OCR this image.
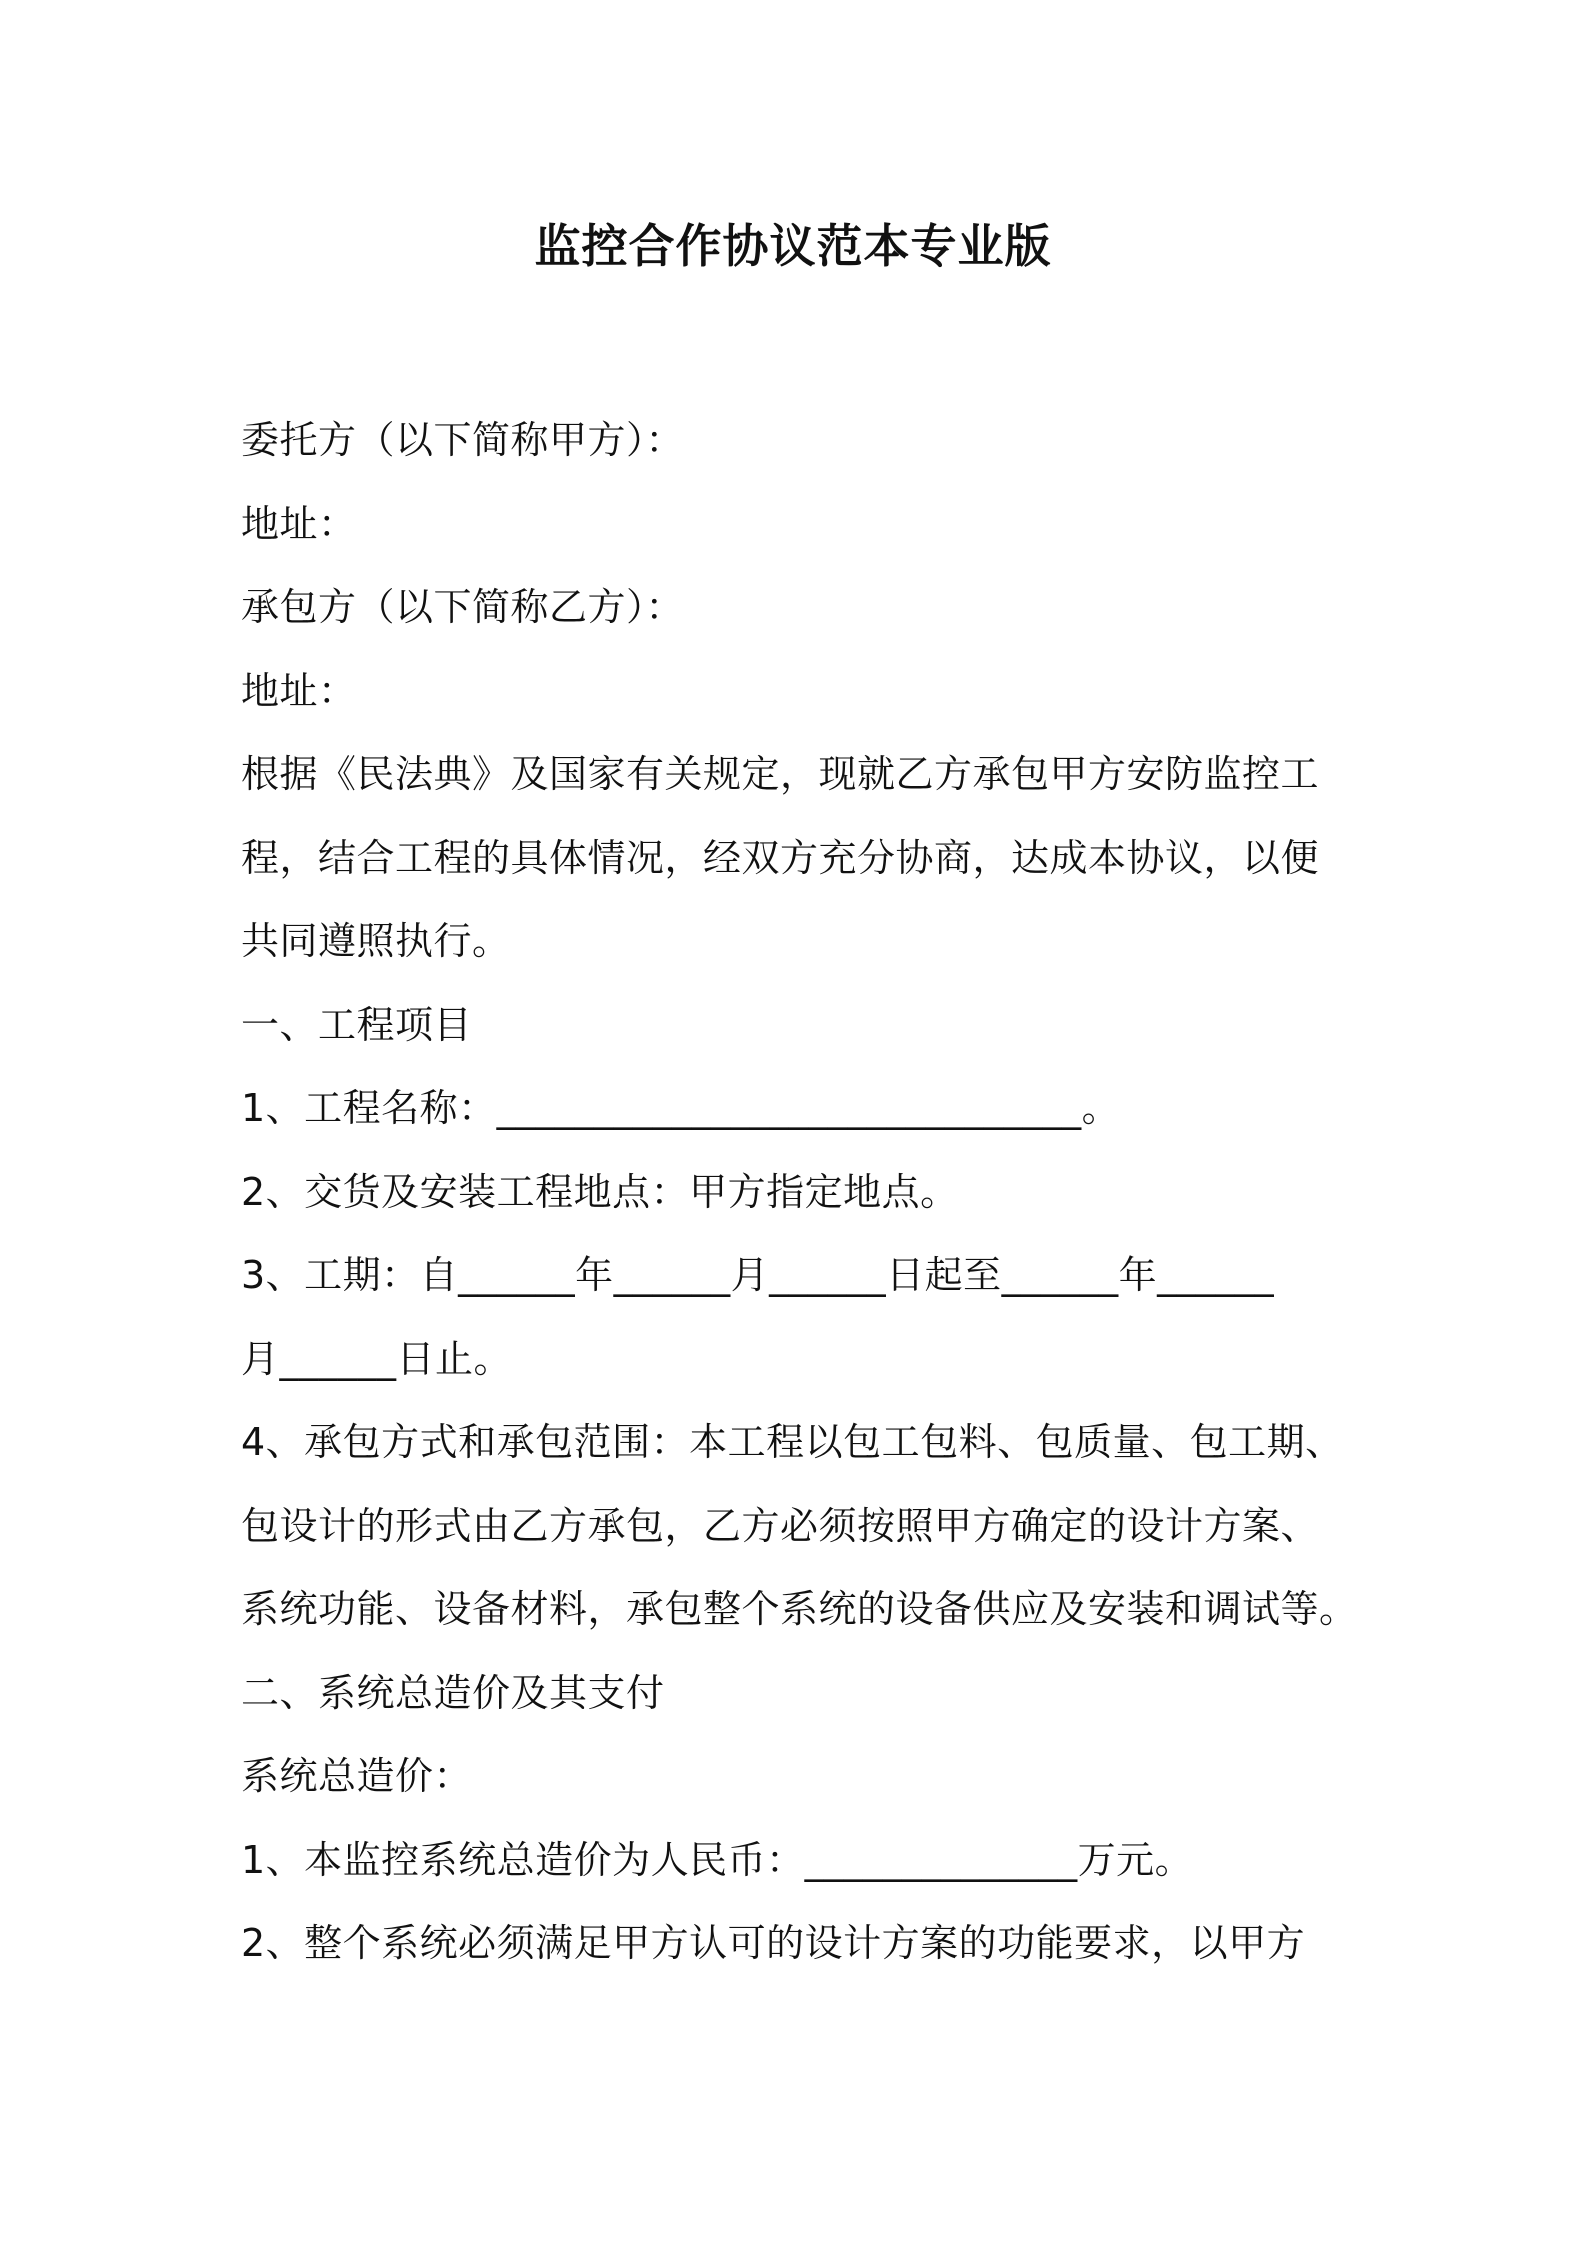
监控合作协议范本专业版
委托方（以下简称甲方）：
地址：
承包方（以下简称乙方）：
地址：
根据《民法典》及国家有关规定，现就乙方承包甲方安防监控工
程，结合工程的具体情况，经双方充分协商，达成本协议，以便
共同遵照执行。
一、工程项目
1、工程名称：______________________________。
2、交货及安装工程地点：甲方指定地点。
3、工期：自______年______月______日起至______年______
月______日止。
4、承包方式和承包范围：本工程以包工包料、包质量、包工期、
包设计的形式由乙方承包，乙方必须按照甲方确定的设计方案、
系统功能、设备材料，承包整个系统的设备供应及安装和调试等。
二、系统总造价及其支付
系统总造价：
1、本监控系统总造价为人民币：______________万元。
2、整个系统必须满足甲方认可的设计方案的功能要求，以甲方
